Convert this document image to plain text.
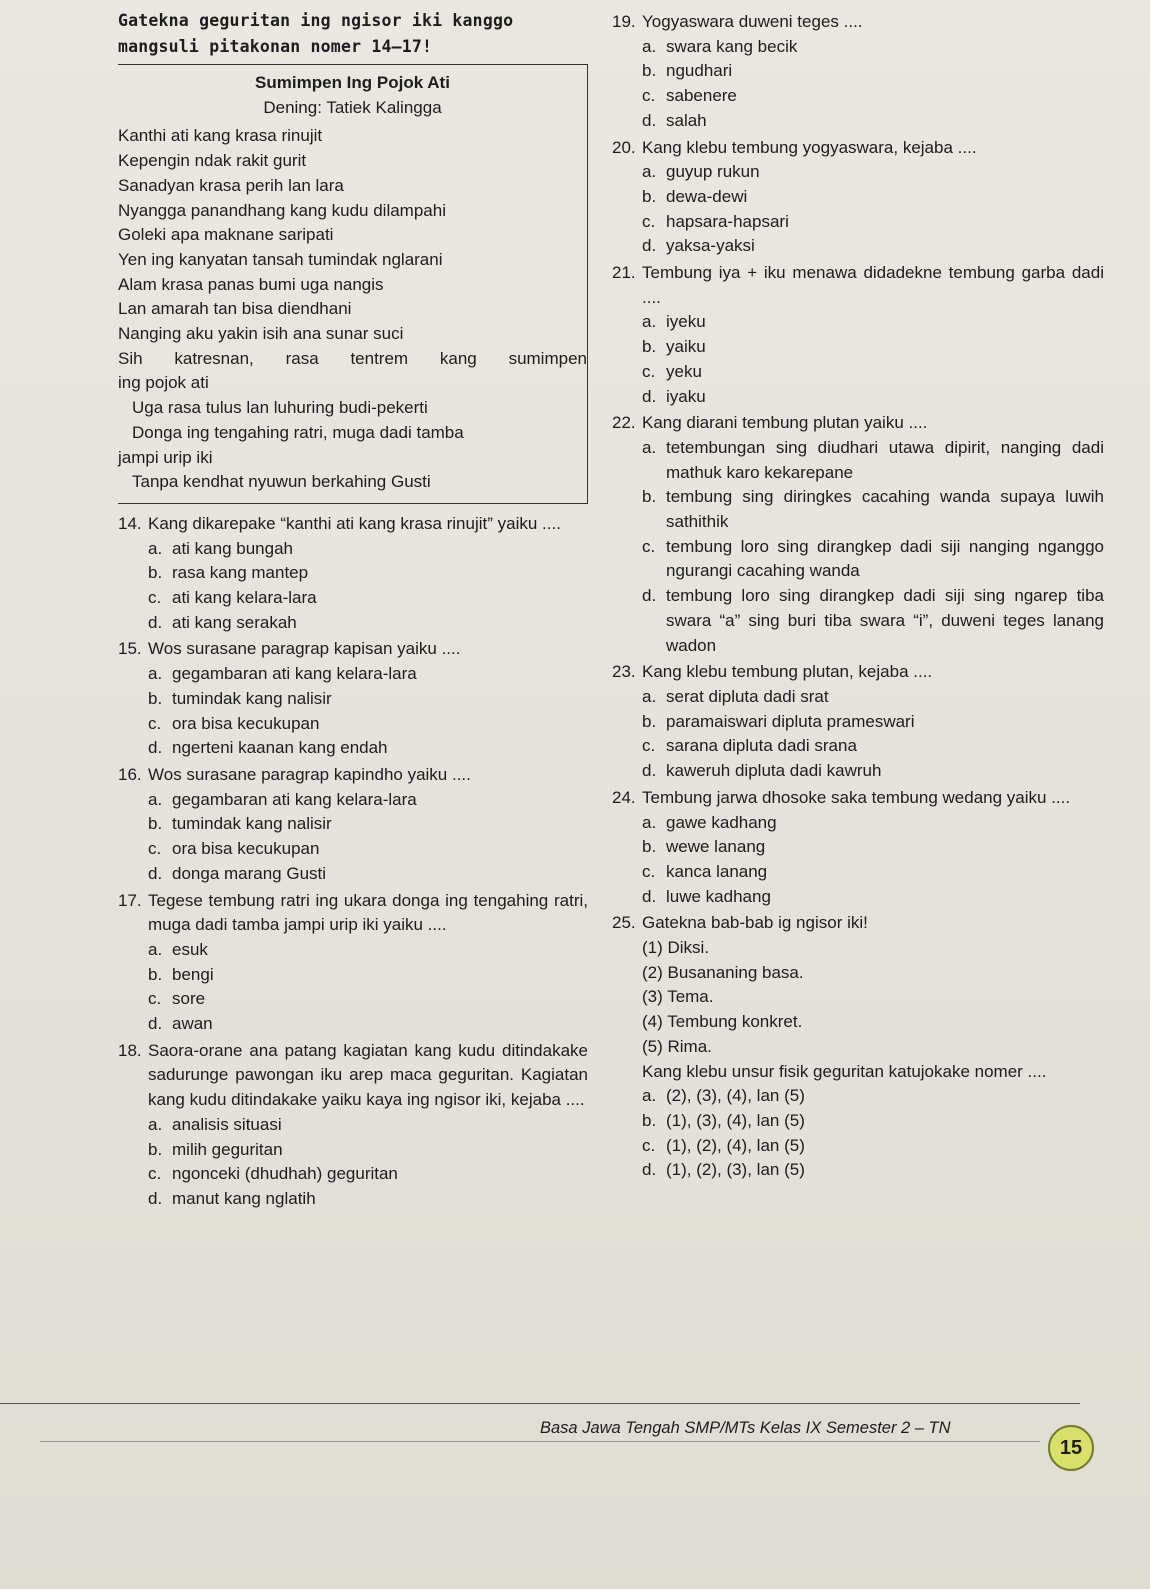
Gatekna geguritan ing ngisor iki kanggo mangsuli pitakonan nomer 14–17!
Sumimpen Ing Pojok Ati
Dening: Tatiek Kalingga
Kanthi ati kang krasa rinujit
Kepengin ndak rakit gurit
Sanadyan krasa perih lan lara
Nyangga panandhang kang kudu dilampahi
Goleki apa maknane saripati
Yen ing kanyatan tansah tumindak nglarani
Alam krasa panas bumi uga nangis
Lan amarah tan bisa diendhani
Nanging aku yakin isih ana sunar suci
Sih katresnan, rasa tentrem kang sumimpen
ing pojok ati
Uga rasa tulus lan luhuring budi-pekerti
Donga ing tengahing ratri, muga dadi tamba
jampi urip iki
Tanpa kendhat nyuwun berkahing Gusti
14. Kang dikarepake “kanthi ati kang krasa rinujit” yaiku ....
a. ati kang bungah
b. rasa kang mantep
c. ati kang kelara-lara
d. ati kang serakah
15. Wos surasane paragrap kapisan yaiku ....
a. gegambaran ati kang kelara-lara
b. tumindak kang nalisir
c. ora bisa kecukupan
d. ngerteni kaanan kang endah
16. Wos surasane paragrap kapindho yaiku ....
a. gegambaran ati kang kelara-lara
b. tumindak kang nalisir
c. ora bisa kecukupan
d. donga marang Gusti
17. Tegese tembung ratri ing ukara donga ing tengahing ratri, muga dadi tamba jampi urip iki yaiku ....
a. esuk
b. bengi
c. sore
d. awan
18. Saora-orane ana patang kagiatan kang kudu ditindakake sadurunge pawongan iku arep maca geguritan. Kagiatan kang kudu ditindakake yaiku kaya ing ngisor iki, kejaba ....
a. analisis situasi
b. milih geguritan
c. ngonceki (dhudhah) geguritan
d. manut kang nglatih
19. Yogyaswara duweni teges ....
a. swara kang becik
b. ngudhari
c. sabenere
d. salah
20. Kang klebu tembung yogyaswara, kejaba ....
a. guyup rukun
b. dewa-dewi
c. hapsara-hapsari
d. yaksa-yaksi
21. Tembung iya + iku menawa didadekne tembung garba dadi ....
a. iyeku
b. yaiku
c. yeku
d. iyaku
22. Kang diarani tembung plutan yaiku ....
a. tetembungan sing diudhari utawa dipirit, nanging dadi mathuk karo kekarepane
b. tembung sing diringkes cacahing wanda supaya luwih sathithik
c. tembung loro sing dirangkep dadi siji nanging nganggo ngurangi cacahing wanda
d. tembung loro sing dirangkep dadi siji sing ngarep tiba swara “a” sing buri tiba swara “i”, duweni teges lanang wadon
23. Kang klebu tembung plutan, kejaba ....
a. serat dipluta dadi srat
b. paramaiswari dipluta prameswari
c. sarana dipluta dadi srana
d. kaweruh dipluta dadi kawruh
24. Tembung jarwa dhosoke saka tembung wedang yaiku ....
a. gawe kadhang
b. wewe lanang
c. kanca lanang
d. luwe kadhang
25. Gatekna bab-bab ig ngisor iki!
(1) Diksi.
(2) Busananing basa.
(3) Tema.
(4) Tembung konkret.
(5) Rima.
Kang klebu unsur fisik geguritan katujokake nomer ....
a. (2), (3), (4), lan (5)
b. (1), (3), (4), lan (5)
c. (1), (2), (4), lan (5)
d. (1), (2), (3), lan (5)
Basa Jawa Tengah SMP/MTs Kelas IX Semester 2 – TN
15
